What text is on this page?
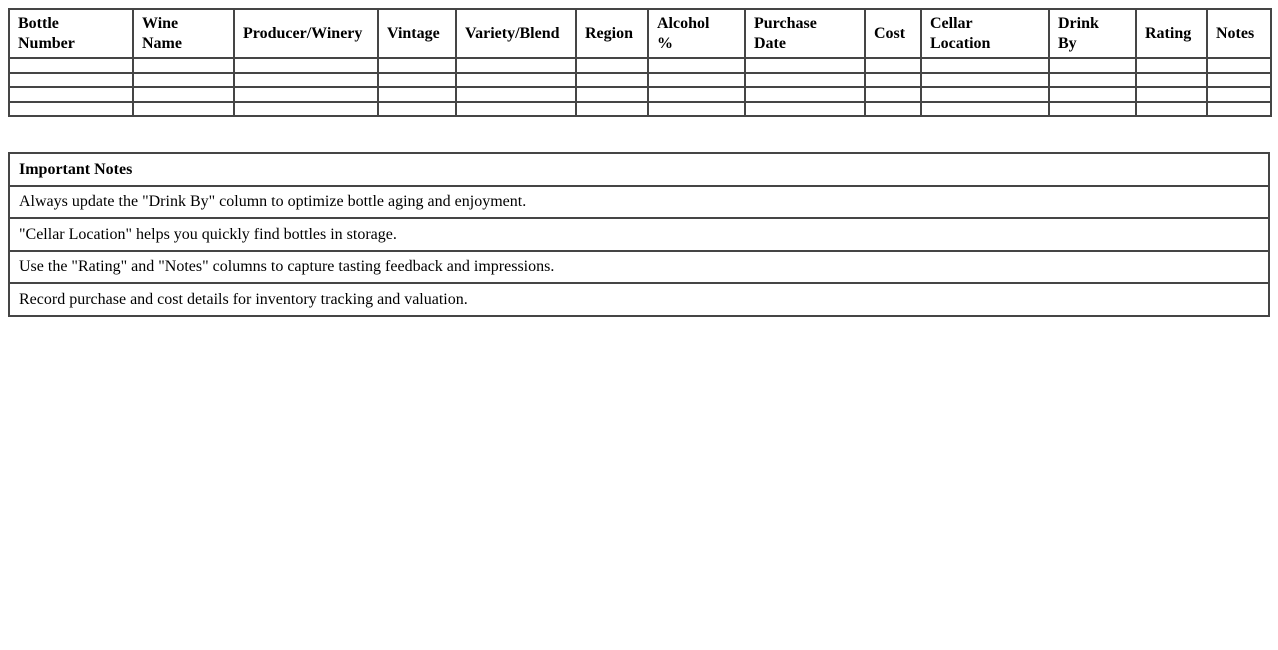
Bottle Number	Wine Name	Producer/Winery	Vintage	Variety/Blend	Region	Alcohol %	Purchase Date	Cost	Cellar Location	Drink By	Rating	Notes

Important Notes
Always update the "Drink By" column to optimize bottle aging and enjoyment.
"Cellar Location" helps you quickly find bottles in storage.
Use the "Rating" and "Notes" columns to capture tasting feedback and impressions.
Record purchase and cost details for inventory tracking and valuation.
